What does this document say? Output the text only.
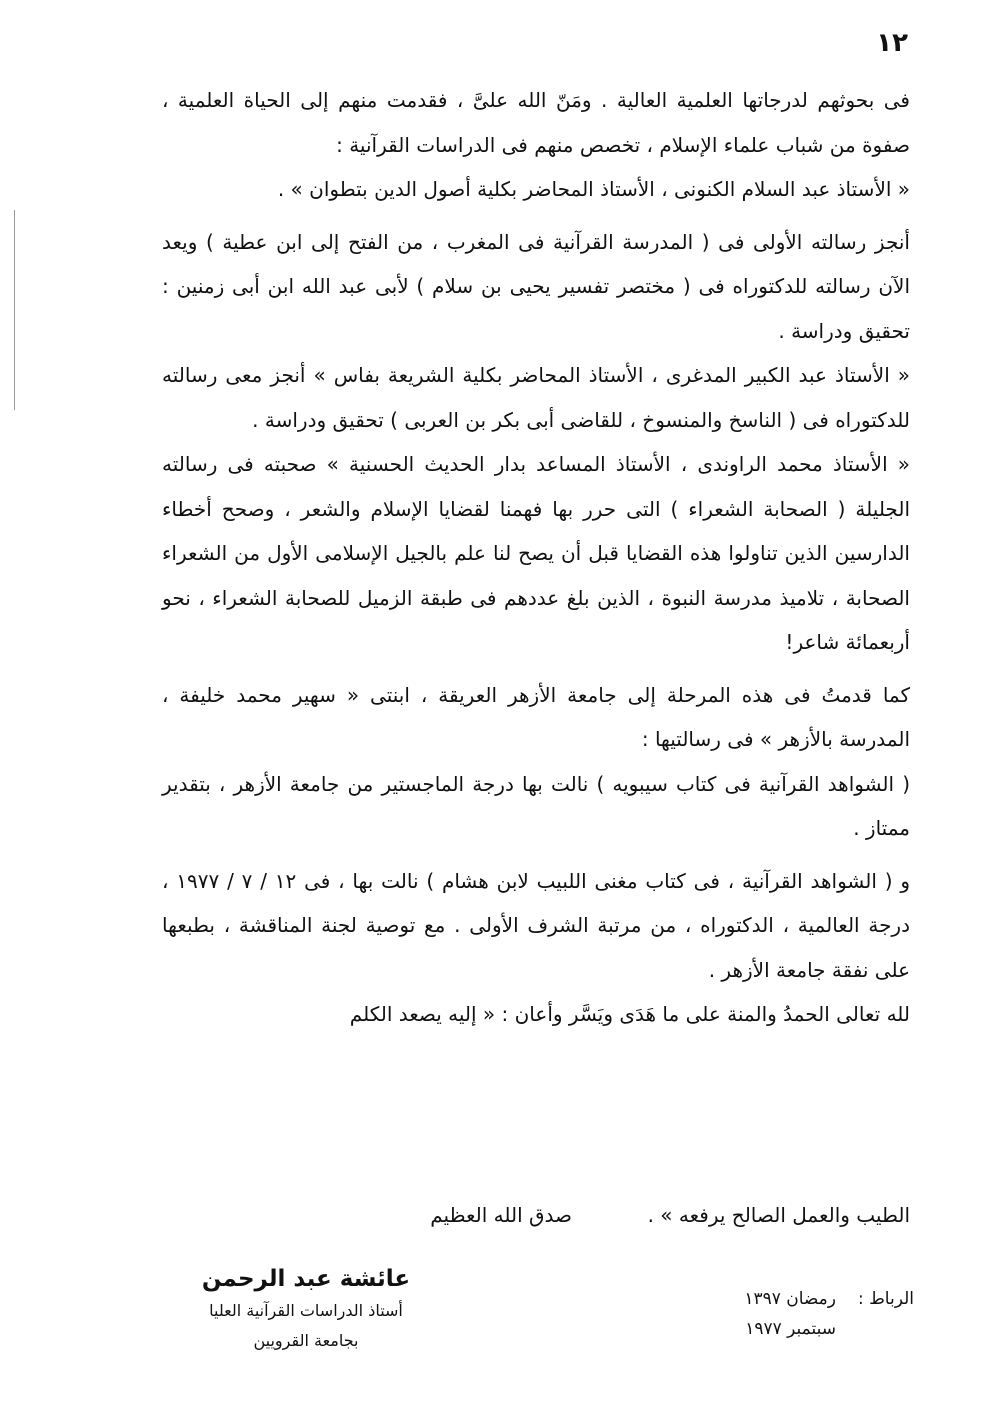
١٢

فى بحوثهم لدرجاتها العلمية العالية . ومَنّ الله علىَّ ، فقدمت منهم إلى الحياة العلمية ، صفوة من شباب علماء الإسلام ، تخصص منهم فى الدراسات القرآنية :

« الأستاذ عبد السلام الكنونى ، الأستاذ المحاضر بكلية أصول الدين بتطوان » .

أنجز رسالته الأولى فى ( المدرسة القرآنية فى المغرب ، من الفتح إلى ابن عطية ) ويعد الآن رسالته للدكتوراه فى ( مختصر تفسير يحيى بن سلام ) لأبى عبد الله ابن أبى زمنين : تحقيق ودراسة .

« الأستاذ عبد الكبير المدغرى ، الأستاذ المحاضر بكلية الشريعة بفاس » أنجز معى رسالته للدكتوراه فى ( الناسخ والمنسوخ ، للقاضى أبى بكر بن العربى ) تحقيق ودراسة .

« الأستاذ محمد الراوندى ، الأستاذ المساعد بدار الحديث الحسنية » صحبته فى رسالته الجليلة ( الصحابة الشعراء ) التى حرر بها فهمنا لقضايا الإسلام والشعر ، وصحح أخطاء الدارسين الذين تناولوا هذه القضايا قبل أن يصح لنا علم بالجيل الإسلامى الأول من الشعراء الصحابة ، تلاميذ مدرسة النبوة ، الذين بلغ عددهم فى طبقة الزميل للصحابة الشعراء ، نحو أربعمائة شاعر!

كما قدمتُ فى هذه المرحلة إلى جامعة الأزهر العريقة ، ابنتى « سهير محمد خليفة ، المدرسة بالأزهر » فى رسالتيها :

( الشواهد القرآنية فى كتاب سيبويه ) نالت بها درجة الماجستير من جامعة الأزهر ، بتقدير ممتاز .

و ( الشواهد القرآنية ، فى كتاب مغنى اللبيب لابن هشام ) نالت بها ، فى ١٢ / ٧ / ١٩٧٧ ، درجة العالمية ، الدكتوراه ، من مرتبة الشرف الأولى . مع توصية لجنة المناقشة ، بطبعها على نفقة جامعة الأزهر .

لله تعالى الحمدُ والمنة على ما هَدَى ويَسَّر وأعان : « إليه يصعد الكلم

الطيب والعمل الصالح يرفعه » .
صدق الله العظيم
عائشة عبد الرحمن
أستاذ الدراسات القرآنية العليا
بجامعة القرويين
الرباط :
رمضان ١٣٩٧
سبتمبر ١٩٧٧
